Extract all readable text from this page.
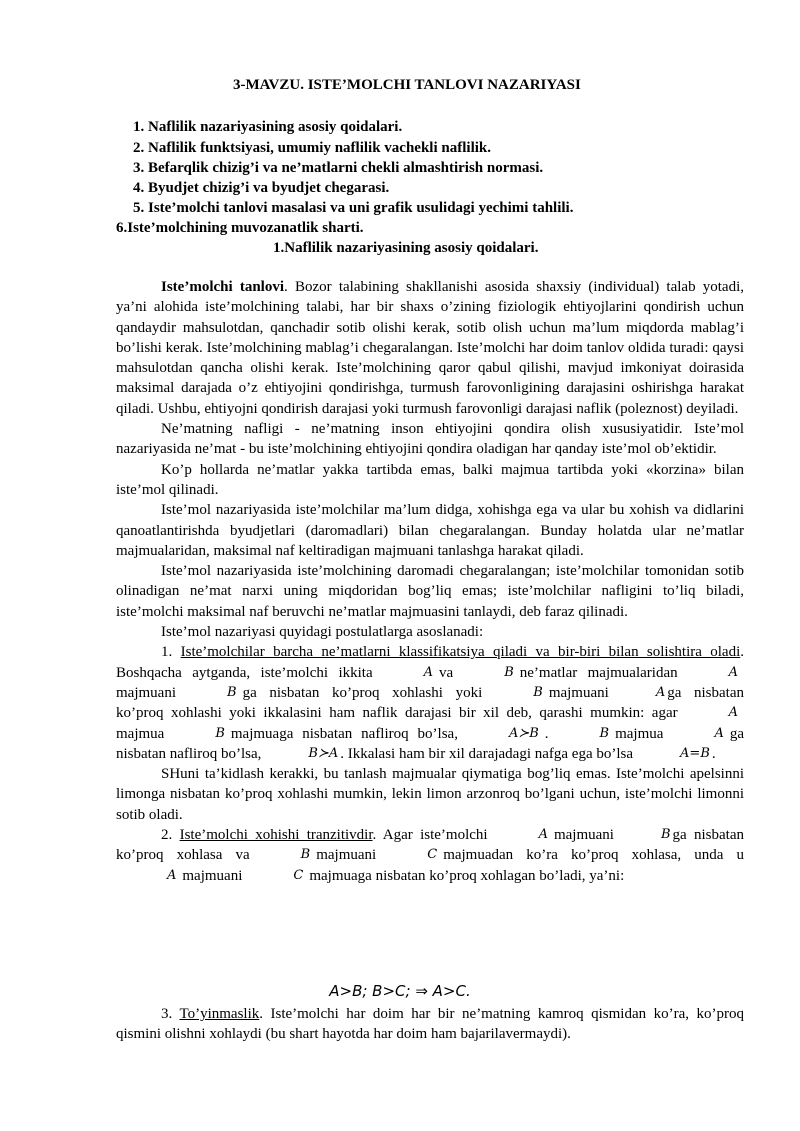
3-MAVZU. ISTE’MOLCHI TANLOVI NAZARIYASI
1. Naflilik nazariyasining asosiy qoidalari.
2. Naflilik funktsiyasi, umumiy naflilik vachekli naflilik.
3. Befarqlik chizig’i va ne’matlarni chekli almashtirish normasi.
4. Byudjet chizig’i va byudjet chegarasi.
5. Iste’molchi tanlovi masalasi va uni grafik usulidagi yechimi tahlili.
6.Iste’molchining muvozanatlik sharti.
1.Naflilik nazariyasining asosiy qoidalari.

Iste’molchi tanlovi. Bozor talabining shakllanishi asosida shaxsiy (individual) talab yotadi, ya’ni alohida iste’molchining talabi, har bir shaxs o’zining fiziologik ehtiyojlarini qondirish uchun qandaydir mahsulotdan, qanchadir sotib olishi kerak, sotib olish uchun ma’lum miqdorda mablag’i bo’lishi kerak. Iste’molchining mablag’i chegaralangan. Iste’molchi har doim tanlov oldida turadi: qaysi mahsulotdan qancha olishi kerak. Iste’molchining qaror qabul qilishi, mavjud imkoniyat doirasida maksimal darajada o’z ehtiyojini qondirishga, turmush farovonligining darajasini oshirishga harakat qiladi. Ushbu, ehtiyojni qondirish darajasi yoki turmush farovonligi darajasi naflik (poleznost) deyiladi.

Ne’matning nafligi - ne’matning inson ehtiyojini qondira olish xususiyatidir. Iste’mol nazariyasida ne’mat - bu iste’molchining ehtiyojini qondira oladigan har qanday iste’mol ob’ektidir.

Ko’p hollarda ne’matlar yakka tartibda emas, balki majmua tartibda yoki «korzina» bilan iste’mol qilinadi.

Iste’mol nazariyasida iste’molchilar ma’lum didga, xohishga ega va ular bu xohish va didlarini qanoatlantirishda byudjetlari (daromadlari) bilan chegaralangan. Bunday holatda ular ne’matlar majmualaridan, maksimal naf keltiradigan majmuani tanlashga harakat qiladi.

Iste’mol nazariyasida iste’molchining daromadi chegaralangan; iste’molchilar tomonidan sotib olinadigan ne’mat narxi uning miqdoridan bog’liq emas; iste’molchilar nafligini to’liq biladi, iste’molchi maksimal naf beruvchi ne’matlar majmuasini tanlaydi, deb faraz qilinadi.

Iste’mol nazariyasi quyidagi postulatlarga asoslanadi:

1. Iste’molchilar barcha ne’matlarni klassifikatsiya qiladi va bir-biri bilan solishtira oladi. Boshqacha aytganda, iste’molchi ikkita	A va	B ne’matlar majmualaridan	Amajmuani	B ga nisbatan ko’proq xohlashi yoki	B majmuani	A ga nisbatan ko’proq xohlashi yoki ikkalasini ham naflik darajasi bir xil deb, qarashi mumkin: agar	Amajmua	B majmuaga nisbatan nafliroq bo’lsa,	A≻B .	B majmua	A ga nisbatan nafliroq bo’lsa,	B≻A . Ikkalasi ham bir xil darajadagi nafga ega bo’lsa	A=B .

SHuni ta’kidlash kerakki, bu tanlash majmualar qiymatiga bog’liq emas. Iste’molchi apelsinni limonga nisbatan ko’proq xohlashi mumkin, lekin limon arzonroq bo’lgani uchun, iste’molchi limonni sotib oladi.

2. Iste’molchi xohishi tranzitivdir. Agar iste’molchi	A majmuani	B ga nisbatan ko’proq xohlasa va	B majmuani	C majmuadan ko’ra ko’proq xohlasa, unda uA majmuani	C majmuaga nisbatan ko’proq xohlagan bo’ladi, ya’ni:

A>B; B>C; ⇒ A>C.

3. To’yinmaslik. Iste’molchi har doim har bir ne’matning kamroq qismidan ko’ra, ko’proq qismini olishni xohlaydi (bu shart hayotda har doim ham bajarilavermaydi).
